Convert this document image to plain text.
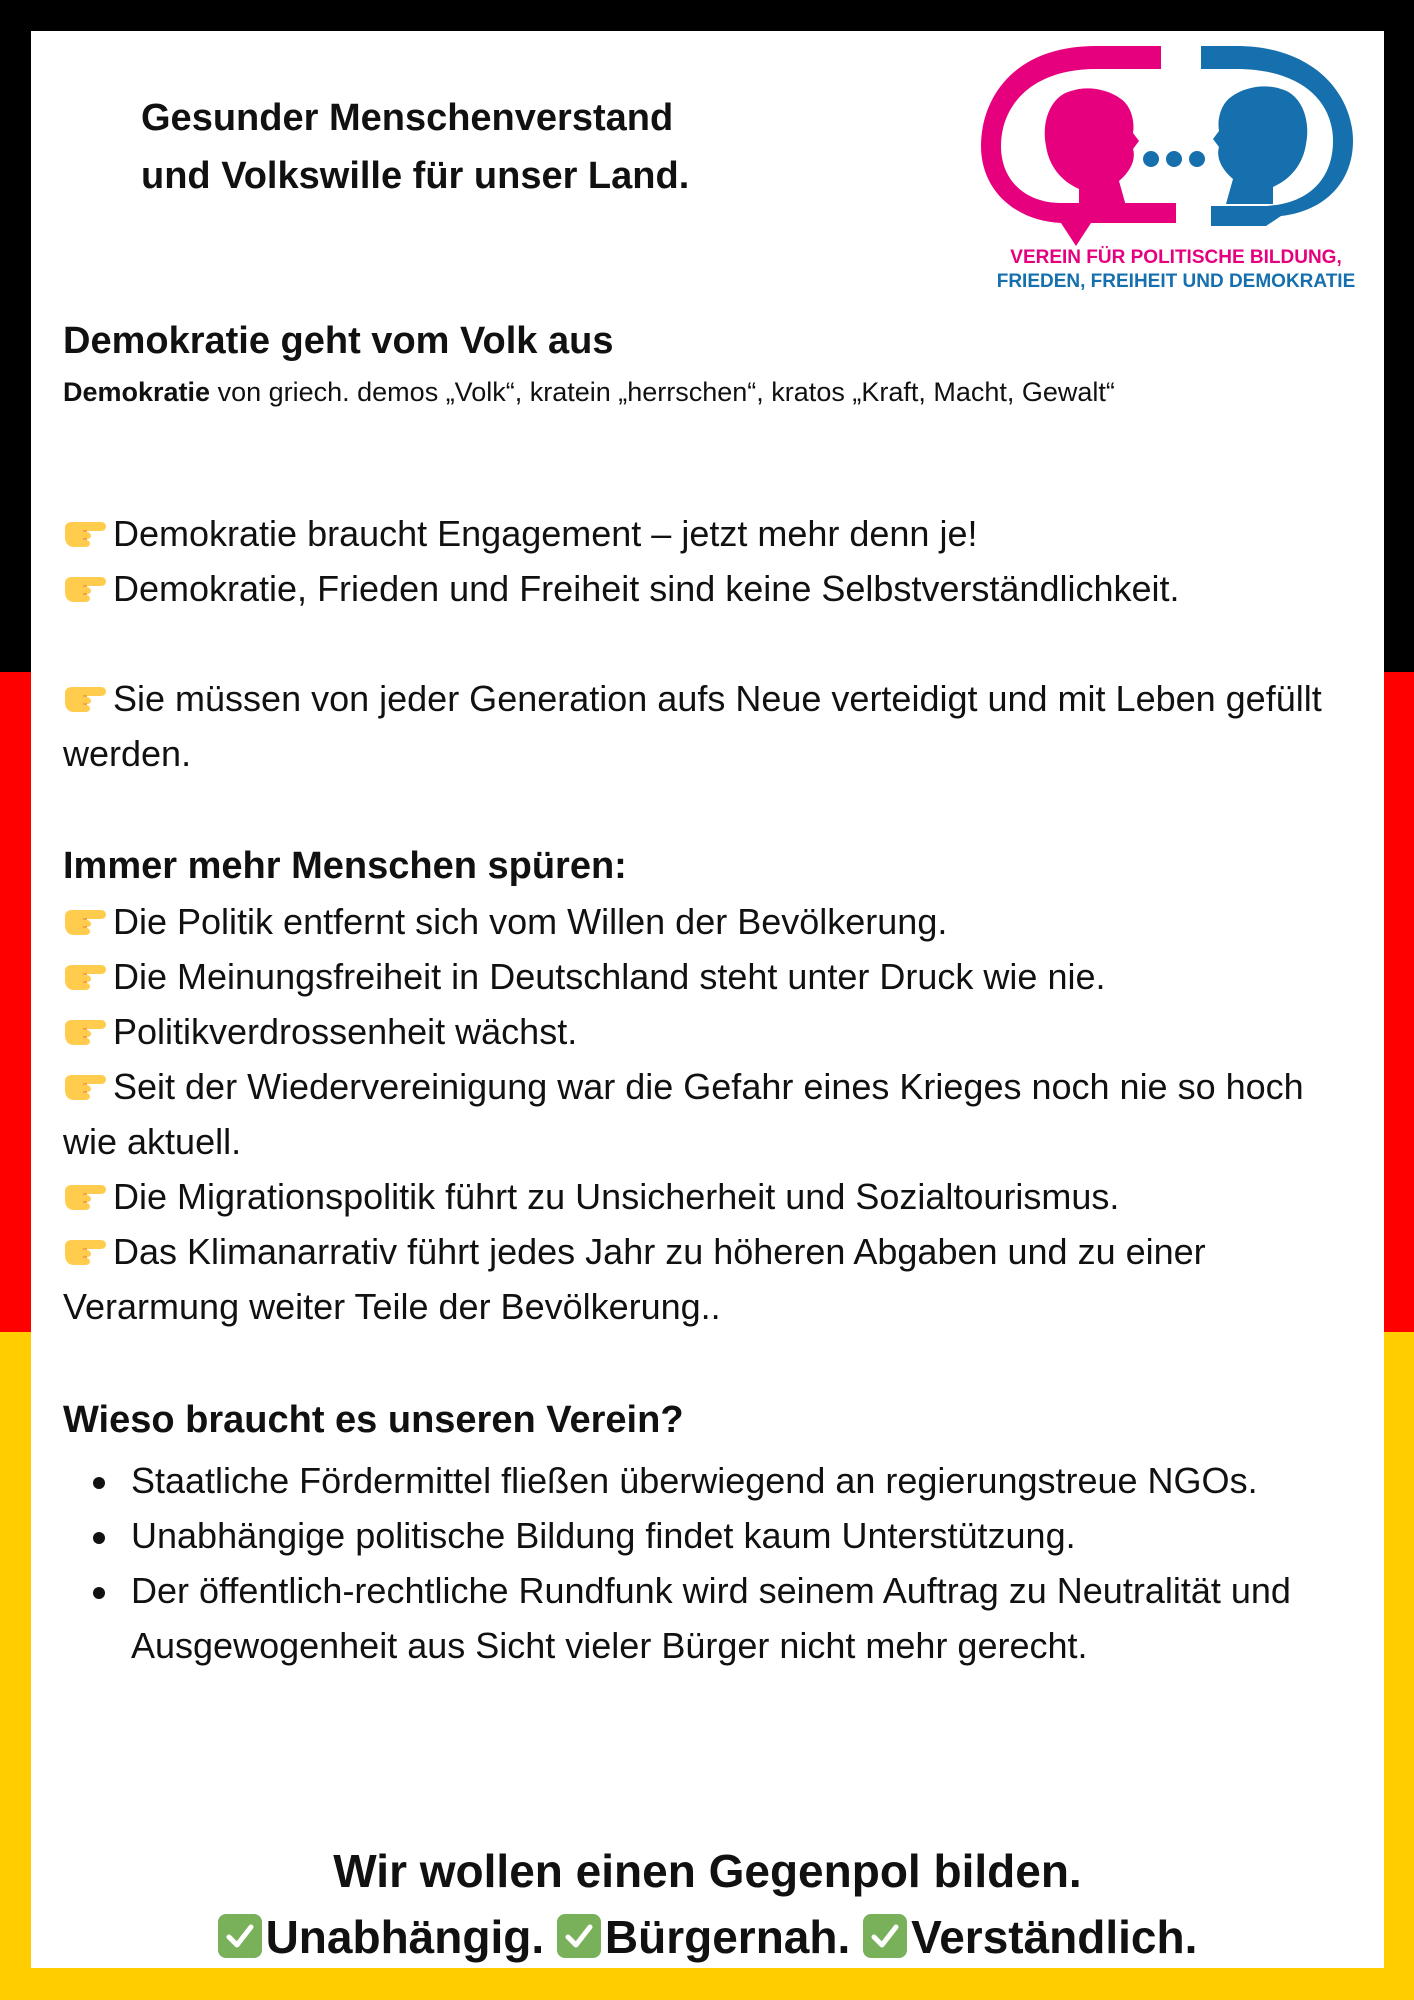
Gesunder Menschenverstand
und Volkswille für unser Land.
VEREIN FÜR POLITISCHE BILDUNG,
FRIEDEN, FREIHEIT UND DEMOKRATIE
Demokratie geht vom Volk aus

Demokratie von griech. demos „Volk“, kratein „herrschen“, kratos „Kraft, Macht, Gewalt“

Demokratie braucht Engagement – jetzt mehr denn je!

Demokratie, Frieden und Freiheit sind keine Selbstverständlichkeit.

Sie müssen von jeder Generation aufs Neue verteidigt und mit Leben gefüllt werden.

Immer mehr Menschen spüren:

Die Politik entfernt sich vom Willen der Bevölkerung.

Die Meinungsfreiheit in Deutschland steht unter Druck wie nie.

Politikverdrossenheit wächst.

Seit der Wiedervereinigung war die Gefahr eines Krieges noch nie so hoch wie aktuell.

Die Migrationspolitik führt zu Unsicherheit und Sozialtourismus.

Das Klimanarrativ führt jedes Jahr zu höheren Abgaben und zu einer Verarmung weiter Teile der Bevölkerung..

Wieso braucht es unseren Verein?
Staatliche Fördermittel fließen überwiegend an regierungstreue NGOs.
Unabhängige politische Bildung findet kaum Unterstützung.
Der öffentlich-rechtliche Rundfunk wird seinem Auftrag zu Neutralität und Ausgewogenheit aus Sicht vieler Bürger nicht mehr gerecht.

Wir wollen einen Gegenpol bilden.

Unabhängig. Bürgernah. Verständlich.
